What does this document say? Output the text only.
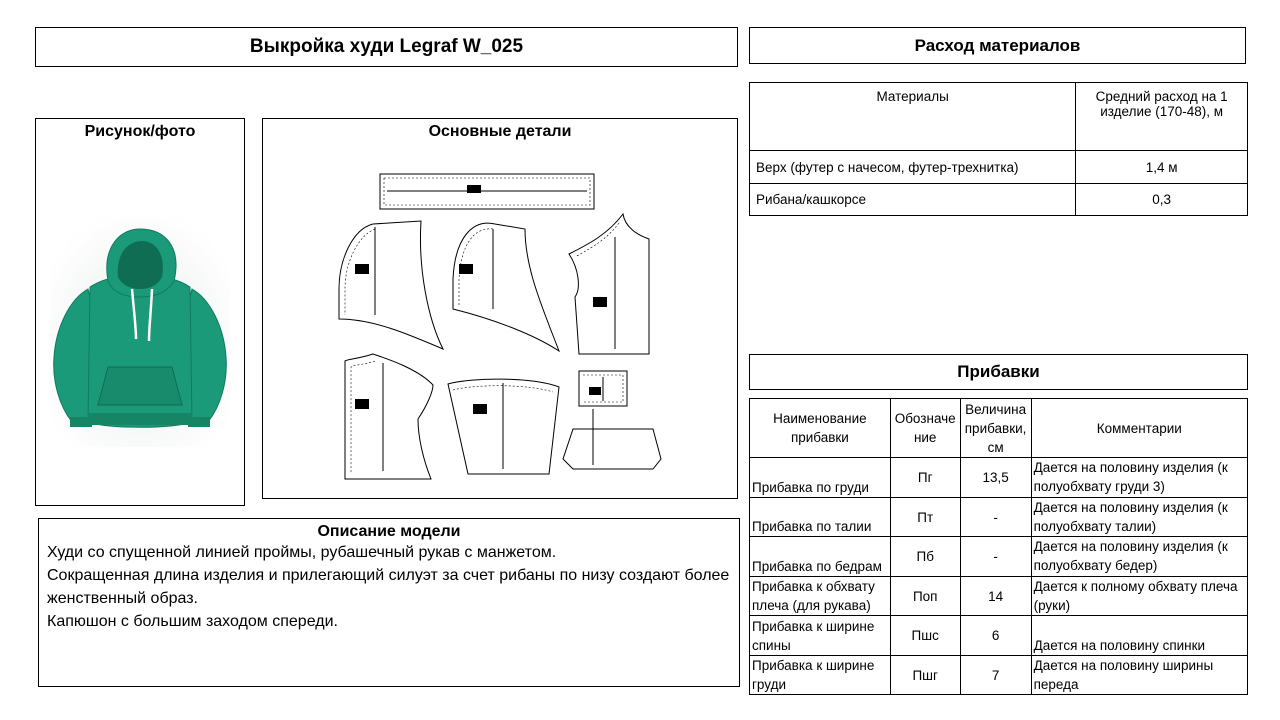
Выкройка худи Legraf W_025	Расход материалов
Рисунок/фото	Основные детали
Описание модели
Худи со спущенной линией проймы, рубашечный рукав с манжетом.
Сокращенная длина изделия и прилегающий силуэт за счет рибаны по низу создают более женственный образ.
Капюшон с большим заходом спереди.
Материалы	Средний расход на 1 изделие (170-48), м
Верх (футер с начесом, футер-трехнитка)	1,4 м
Рибана/кашкорсе	0,3
Прибавки
Наименование прибавки	Обозначение	Величина прибавки, см	Комментарии
Прибавка по груди	Пг	13,5	Дается на половину изделия (к полуобхвату груди 3)
Прибавка по талии	Пт	-	Дается на половину изделия (к полуобхвату талии)
Прибавка по бедрам	Пб	-	Дается на половину изделия (к полуобхвату бедер)
Прибавка к обхвату плеча (для рукава)	Поп	14	Дается к полному обхвату плеча (руки)
Прибавка к ширине спины	Пшс	6	Дается на половину спинки
Прибавка к ширине груди	Пшг	7	Дается на половину ширины переда
